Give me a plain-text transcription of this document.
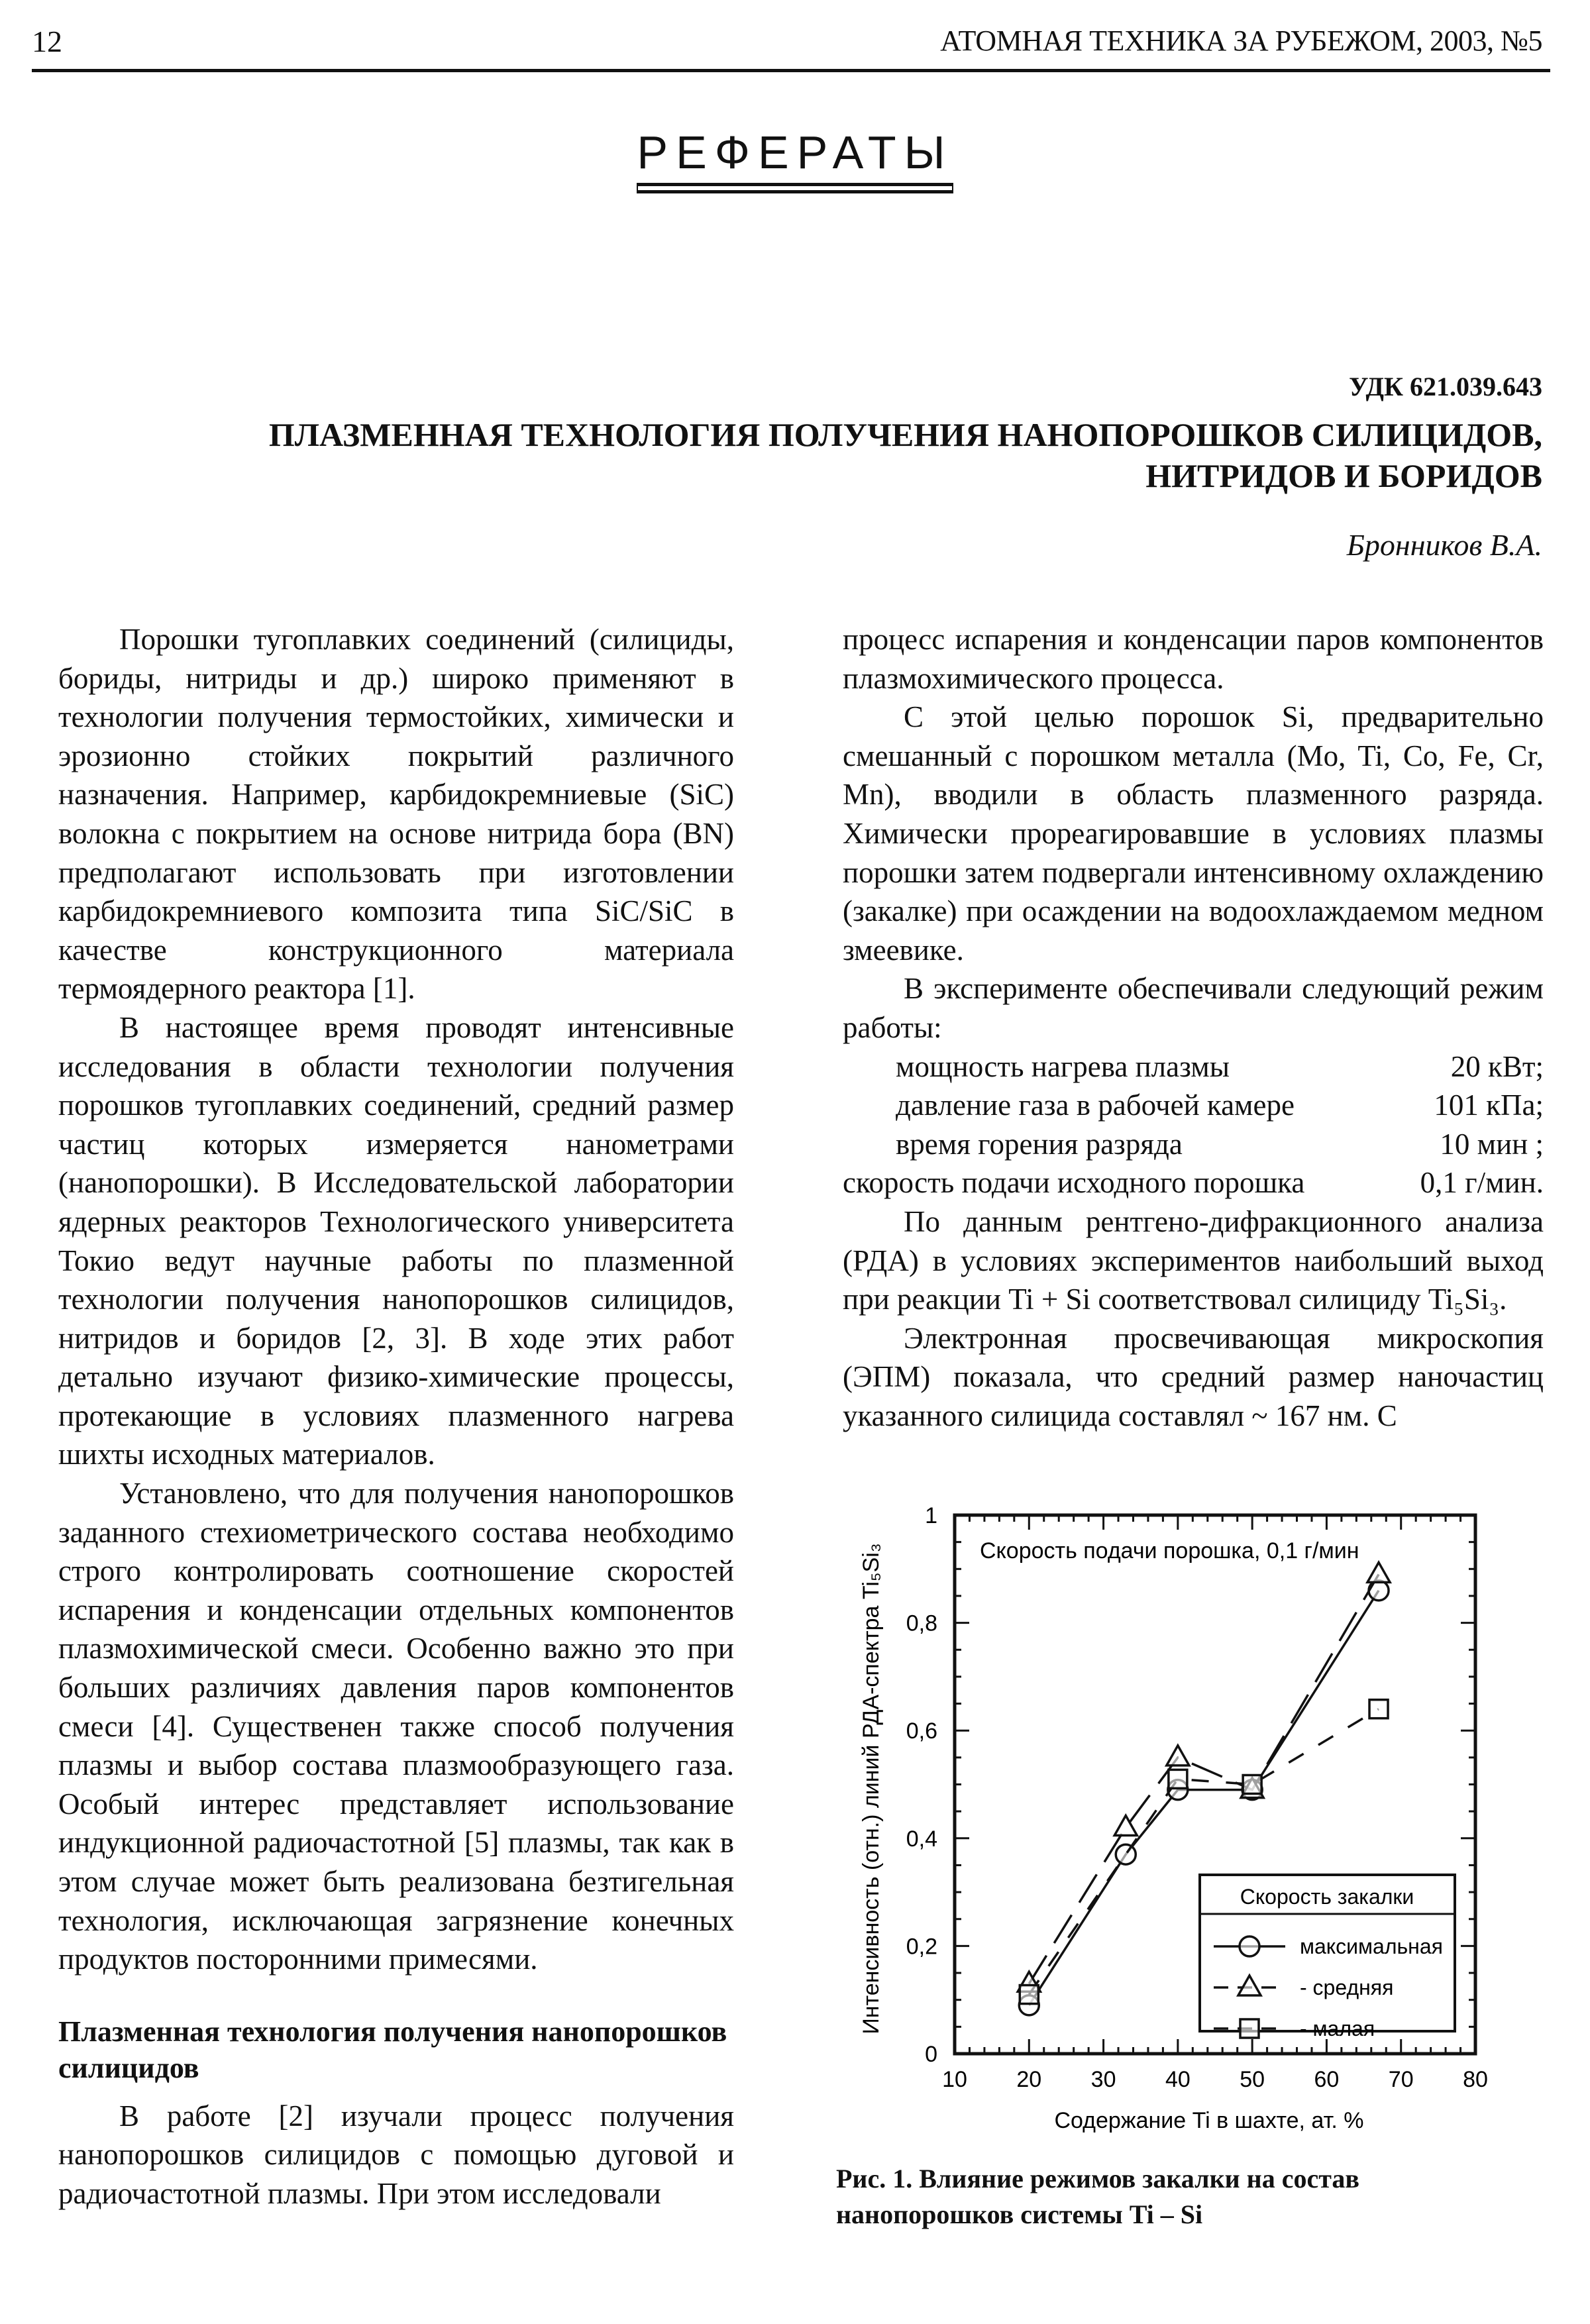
12	АТОМНАЯ ТЕХНИКА ЗА РУБЕЖОМ, 2003, №5
РЕФЕРАТЫ
УДК 621.039.643
ПЛАЗМЕННАЯ ТЕХНОЛОГИЯ ПОЛУЧЕНИЯ НАНОПОРОШКОВ СИЛИЦИДОВ,
НИТРИДОВ И БОРИДОВ
Бронников В.А.

Порошки тугоплавких соединений (силициды, бориды, нитриды и др.) широко применяют в технологии получения термостойких, химически и эрозионно стойких покрытий различного назначения. Например, карбидокремниевые (SiC) волокна с покрытием на основе нитрида бора (BN) предполагают использовать при изготовлении карбидокремниевого композита типа SiC/SiC в качестве конструкционного материала термоядерного реактора [1].

В настоящее время проводят интенсивные исследования в области технологии получения порошков тугоплавких соединений, средний размер частиц которых измеряется нанометрами (нанопорошки). В Исследовательской лаборатории ядерных реакторов Технологического университета Токио ведут научные работы по плазменной технологии получения нанопорошков силицидов, нитридов и боридов [2, 3]. В ходе этих работ детально изучают физико-химические процессы, протекающие в условиях плазменного нагрева шихты исходных материалов.

Установлено, что для получения нанопорошков заданного стехиометрического состава необходимо строго контролировать соотношение скоростей испарения и конденсации отдельных компонентов плазмохимической смеси. Особенно важно это при больших различиях давления паров компонентов смеси [4]. Существенен также способ получения плазмы и выбор состава плазмообразующего газа. Особый интерес представляет использование индукционной радиочастотной [5] плазмы, так как в этом случае может быть реализована безтигельная технология, исключающая загрязнение конечных продуктов посторонними примесями.

Плазменная технология получения нанопорошков силицидов

В работе [2] изучали процесс получения нанопорошков силицидов с помощью дуговой и радиочастотной плазмы. При этом исследовали

процесс испарения и конденсации паров компонентов плазмохимического процесса.

С этой целью порошок Si, предварительно смешанный с порошком металла (Mo, Ti, Co, Fe, Cr, Mn), вводили в область плазменного разряда. Химически прореагировавшие в условиях плазмы порошки затем подвергали интенсивному охлаждению (закалке) при осаждении на водоохлаждаемом медном змеевике.

В эксперименте обеспечивали следующий режим работы:

мощность нагрева плазмы	20 кВт;
давление газа в рабочей камере	101 кПа;
время горения разряда	10 мин ;
скорость подачи исходного порошка	0,1 г/мин.

По данным рентгено-дифракционного анализа (РДА) в условиях экспериментов наибольший выход при реакции Ti + Si соответствовал силициду Ti₅Si₃.

Электронная просвечивающая микроскопия (ЭПМ) показала, что средний размер наночастиц указанного силицида составлял ~ 167 нм. С

10 20 30 40 50 60 70 80
0
0,2
0,4
0,6
0,8
1
Скорость подачи порошка, 0,1 г/мин
Содержание Ti в шахте, ат. %
Интенсивность (отн.) линий РДА-спектра Ti₅Si₃	Скорость закалки
максимальная
- средняя
- малая
Рис. 1. Влияние режимов закалки на состав нанопорошков системы Ti – Si
